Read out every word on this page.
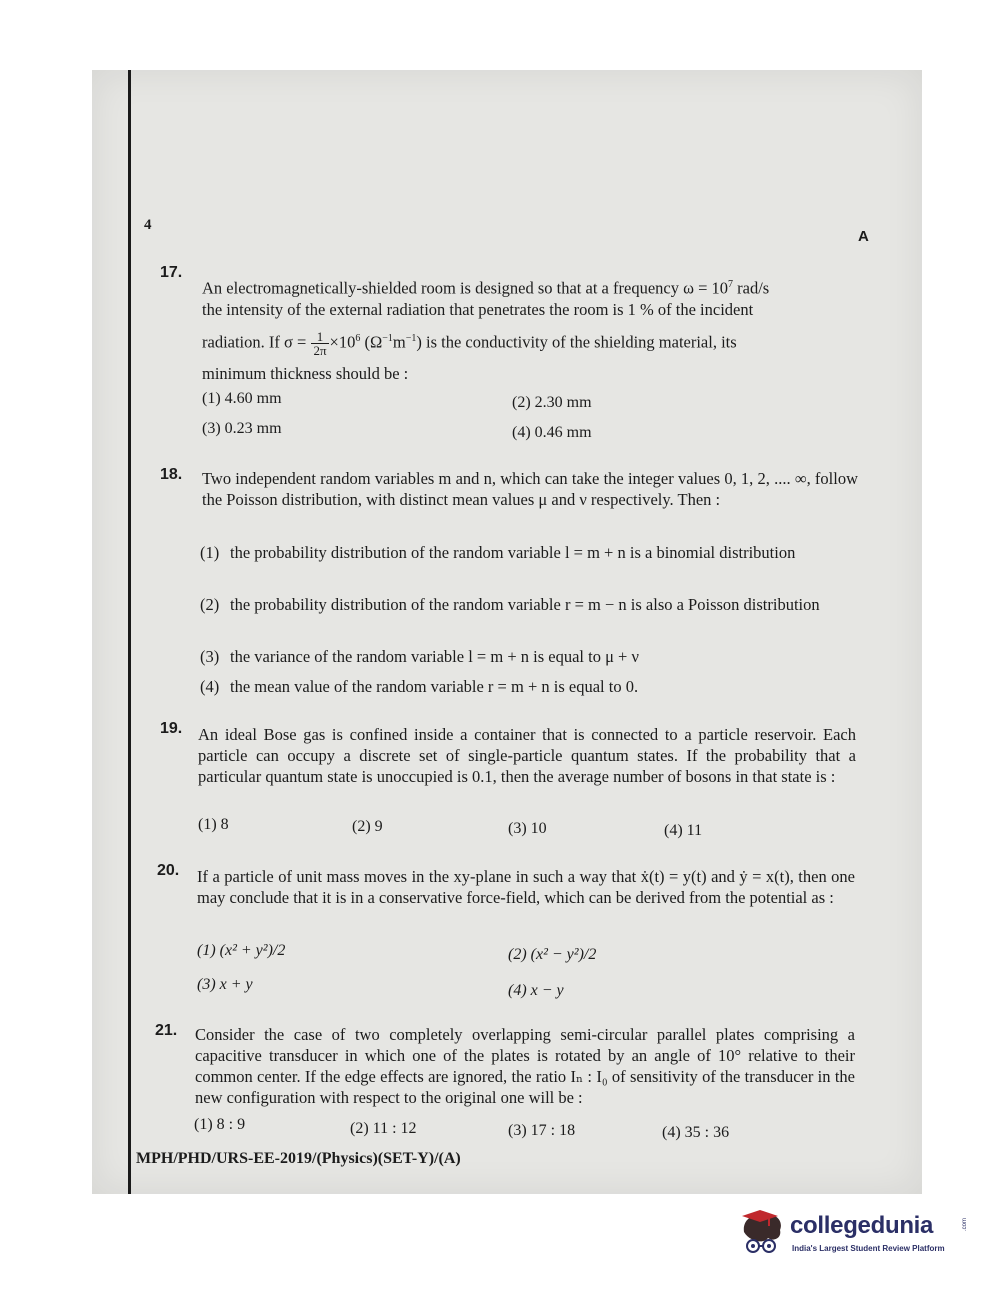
4
A
17.
An electromagnetically-shielded room is designed so that at a frequency $\omega = 10^7$ rad/s
the intensity of the external radiation that penetrates the room is 1 % of the incident
radiation. If $\sigma = \frac{1}{2\pi} \times 10^6$ $(\Omega^{-1}m^{-1})$ is the conductivity of the shielding material, its
minimum thickness should be :
(1) 4.60 mm	(2) 2.30 mm
(3) 0.23 mm	(4) 0.46 mm
18. Two independent random variables m and n, which can take the integer values 0, 1, 2, .... ∞, follow the Poisson distribution, with distinct mean values μ and ν respectively. Then :
(1) the probability distribution of the random variable l = m + n is a binomial distribution
(2) the probability distribution of the random variable r = m − n is also a Poisson distribution
(3) the variance of the random variable l = m + n is equal to μ + ν
(4) the mean value of the random variable r = m + n is equal to 0.
19. An ideal Bose gas is confined inside a container that is connected to a particle reservoir. Each particle can occupy a discrete set of single-particle quantum states. If the probability that a particular quantum state is unoccupied is 0.1, then the average number of bosons in that state is :
(1) 8	(2) 9	(3) 10	(4) 11
20. If a particle of unit mass moves in the xy-plane in such a way that ẋ(t) = y(t) and ẏ = x(t), then one may conclude that it is in a conservative force-field, which can be derived from the potential as :
(1) (x² + y²)/2	(2) (x² − y²)/2
(3) x + y	(4) x − y
21. Consider the case of two completely overlapping semi-circular parallel plates comprising a capacitive transducer in which one of the plates is rotated by an angle of 10° relative to their common center. If the edge effects are ignored, the ratio Iₙ : I₀ of sensitivity of the transducer in the new configuration with respect to the original one will be :
(1) 8 : 9	(2) 11 : 12	(3) 17 : 18	(4) 35 : 36
MPH/PHD/URS-EE-2019/(Physics)(SET-Y)/(A)
collegedunia	.com
India's Largest Student Review Platform
